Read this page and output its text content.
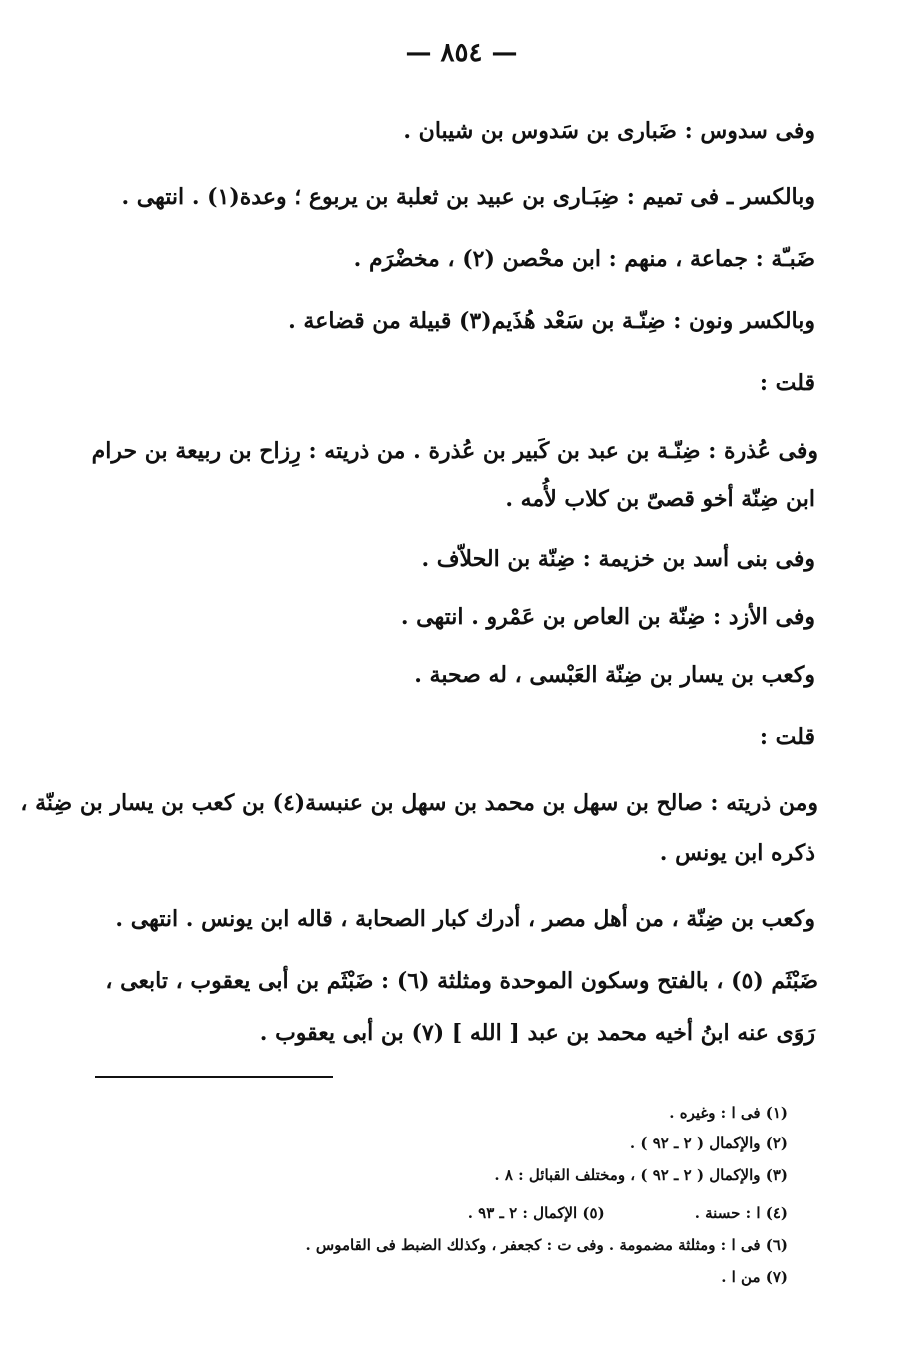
— ٨٥٤ —
وفى سدوس : ضَبارى بن سَدوس بن شيبان .
وبالكسر ـ فى تميم : ضِبَـارى بن عبيد بن ثعلبة بن يربوع ؛ وعدة(١) . انتهى .
ضَبـّة : جماعة ، منهم : ابن محْصن (٢) ، مخضْرَم .
وبالكسر ونون : ضِنّـة بن سَعْد هُذَيم(٣) قبيلة من قضاعة .
قلت :
وفى عُذرة : ضِنّـة بن عبد بن كَبير بن عُذرة . من ذريته : رِزاح بن ربيعة بن حرام
ابن ضِنّة أخو قصىّ بن كلاب لأُمه .
وفى بنى أسد بن خزيمة : ضِنّة بن الحلاّف .
وفى الأزد : ضِنّة بن العاص بن عَمْرو . انتهى .
وكعب بن يسار بن ضِنّة العَبْسى ، له صحبة .
قلت :
ومن ذريته : صالح بن سهل بن محمد بن سهل بن عنبسة(٤) بن كعب بن يسار بن ضِنّة ،
ذكره ابن يونس .
وكعب بن ضِنّة ، من أهل مصر ، أدرك كبار الصحابة ، قاله ابن يونس . انتهى .
ضَبْثَم (٥) ، بالفتح وسكون الموحدة ومثلثة (٦) : ضَبْثَم بن أبى يعقوب ، تابعى ،
رَوَى عنه ابنُ أخيه محمد بن عبد [ الله ] (٧) بن أبى يعقوب .
(١) فى ا : وغيره .
(٢) والإكمال ( ٢ ـ ٩٢ ) .
(٣) والإكمال ( ٢ ـ ٩٢ ) ، ومختلف القبائل : ٨ .
(٤) ا : حسنة .(٥) الإكمال : ٢ ـ ٩٣ .
(٦) فى ا : ومثلثة مضمومة . وفى ت : كجعفر ، وكذلك الضبط فى القاموس .
(٧) من ا .
